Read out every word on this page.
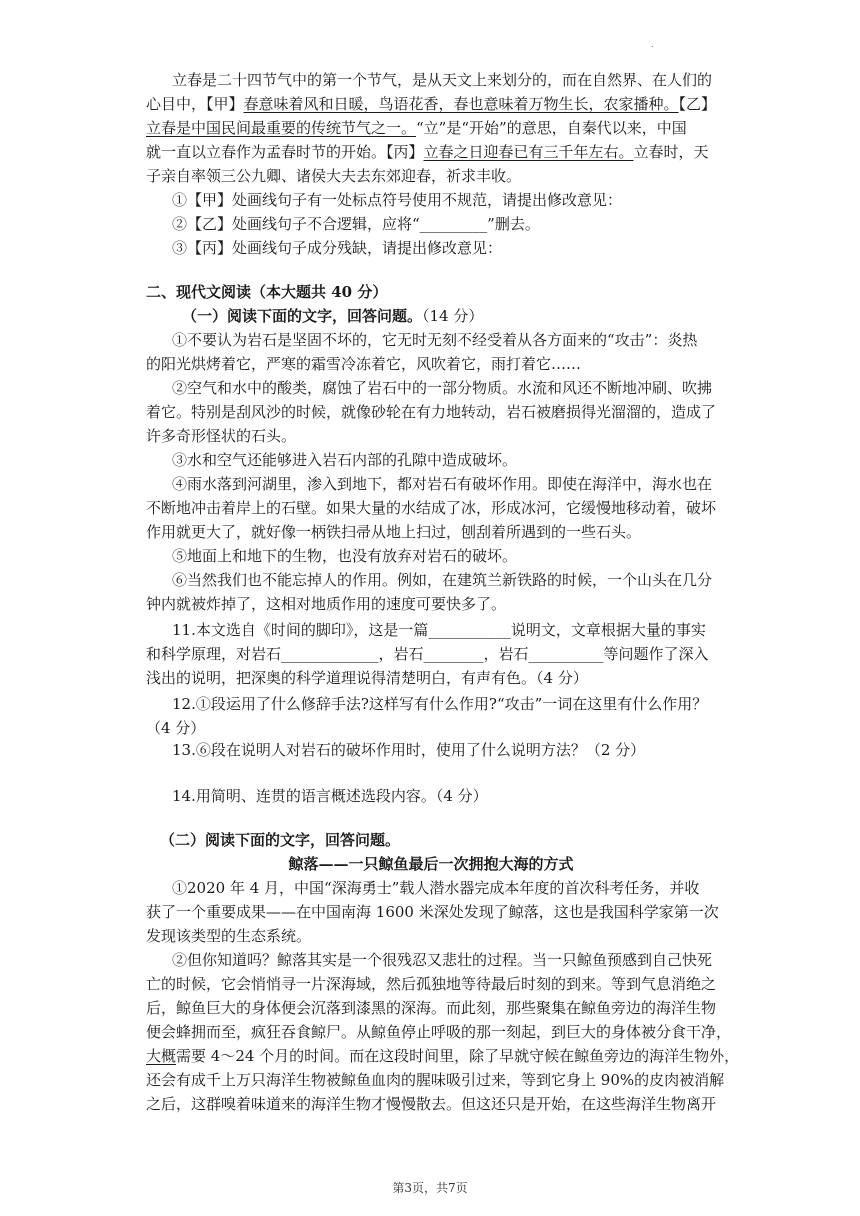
.
立春是二十四节气中的第一个节气，是从天文上来划分的，而在自然界、在人们的
心目中，【甲】春意味着风和日暖，鸟语花香，春也意味着万物生长，农家播种。【乙】
立春是中国民间最重要的传统节气之一。“立”是“开始”的意思，自秦代以来，中国
就一直以立春作为孟春时节的开始。【丙】立春之日迎春已有三千年左右。立春时，天
子亲自率领三公九卿、诸侯大夫去东郊迎春，祈求丰收。
①【甲】处画线句子有一处标点符号使用不规范，请提出修改意见：
②【乙】处画线句子不合逻辑，应将“_________”删去。
③【丙】处画线句子成分残缺，请提出修改意见：
二、现代文阅读（本大题共 40 分）
（一）阅读下面的文字，回答问题。（14 分）
①不要认为岩石是坚固不坏的，它无时无刻不经受着从各方面来的“攻击”：炎热
的阳光烘烤着它，严寒的霜雪冷冻着它，风吹着它，雨打着它……
②空气和水中的酸类，腐蚀了岩石中的一部分物质。水流和风还不断地冲刷、吹拂
着它。特别是刮风沙的时候，就像砂轮在有力地转动，岩石被磨损得光溜溜的，造成了
许多奇形怪状的石头。
③水和空气还能够进入岩石内部的孔隙中造成破坏。
④雨水落到河湖里，渗入到地下，都对岩石有破坏作用。即使在海洋中，海水也在
不断地冲击着岸上的石壁。如果大量的水结成了冰，形成冰河，它缓慢地移动着，破坏
作用就更大了，就好像一柄铁扫帚从地上扫过，刨刮着所遇到的一些石头。
⑤地面上和地下的生物，也没有放弃对岩石的破坏。
⑥当然我们也不能忘掉人的作用。例如，在建筑兰新铁路的时候，一个山头在几分
钟内就被炸掉了，这相对地质作用的速度可要快多了。
11.本文选自《时间的脚印》，这是一篇___________说明文，文章根据大量的事实
和科学原理，对岩石_____________，岩石________，岩石__________等问题作了深入
浅出的说明，把深奥的科学道理说得清楚明白，有声有色。（4 分）
12.①段运用了什么修辞手法?这样写有什么作用?“攻击”一词在这里有什么作用？
（4 分）
13.⑥段在说明人对岩石的破坏作用时，使用了什么说明方法？（2 分）
14.用简明、连贯的语言概述选段内容。（4 分）
（二）阅读下面的文字，回答问题。
鲸落——一只鲸鱼最后一次拥抱大海的方式
①2020 年 4 月，中国“深海勇士”载人潜水器完成本年度的首次科考任务，并收
获了一个重要成果——在中国南海 1600 米深处发现了鲸落，这也是我国科学家第一次
发现该类型的生态系统。
②但你知道吗？鲸落其实是一个很残忍又悲壮的过程。当一只鲸鱼预感到自己快死
亡的时候，它会悄悄寻一片深海域，然后孤独地等待最后时刻的到来。等到气息消绝之
后，鲸鱼巨大的身体便会沉落到漆黑的深海。而此刻，那些聚集在鲸鱼旁边的海洋生物
便会蜂拥而至，疯狂吞食鲸尸。从鲸鱼停止呼吸的那一刻起，到巨大的身体被分食干净，
大概需要 4～24 个月的时间。而在这段时间里，除了早就守候在鲸鱼旁边的海洋生物外，
还会有成千上万只海洋生物被鲸鱼血肉的腥味吸引过来，等到它身上 90%的皮肉被消解
之后，这群嗅着味道来的海洋生物才慢慢散去。但这还只是开始，在这些海洋生物离开
第3页，共7页
